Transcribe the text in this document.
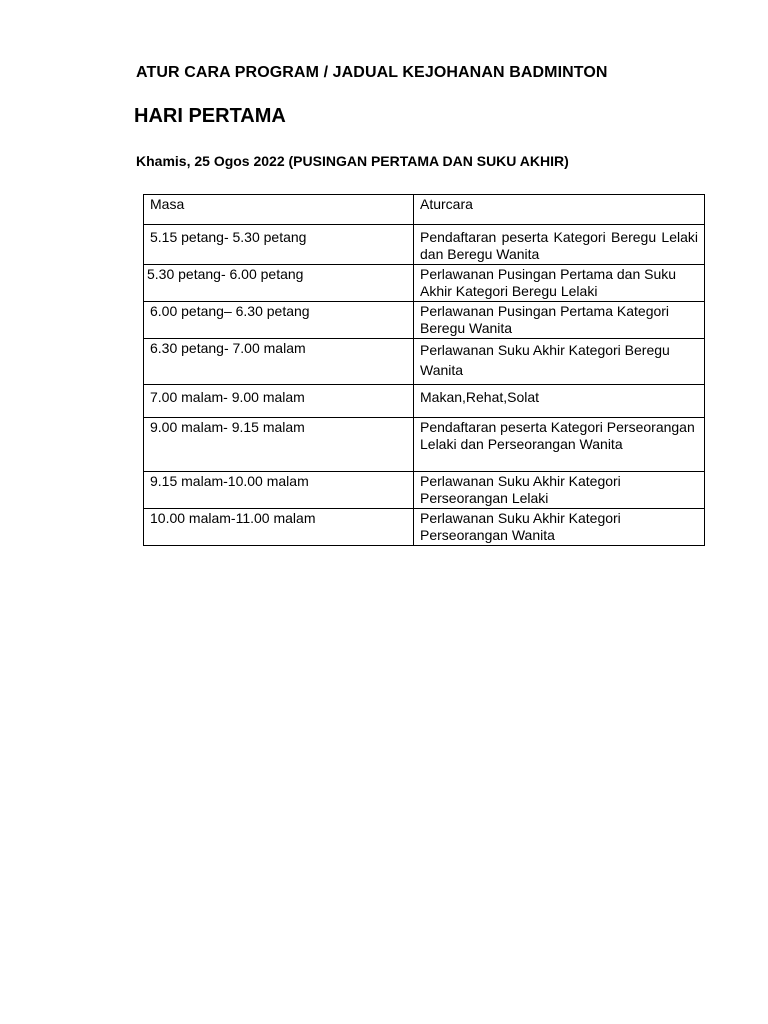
ATUR CARA PROGRAM / JADUAL KEJOHANAN BADMINTON
HARI PERTAMA
Khamis, 25 Ogos 2022 (PUSINGAN PERTAMA DAN SUKU AKHIR)
Masa	Aturcara
5.15 petang- 5.30 petang	Pendaftaran peserta Kategori Beregu Lelaki dan Beregu Wanita
5.30 petang- 6.00 petang	Perlawanan Pusingan Pertama dan Suku Akhir Kategori Beregu Lelaki
6.00 petang– 6.30 petang	Perlawanan Pusingan Pertama Kategori Beregu Wanita
6.30 petang- 7.00 malam	Perlawanan Suku Akhir Kategori Beregu Wanita
7.00 malam- 9.00 malam	Makan,Rehat,Solat
9.00 malam- 9.15 malam	Pendaftaran peserta Kategori Perseorangan Lelaki dan Perseorangan Wanita
9.15 malam-10.00 malam	Perlawanan Suku Akhir Kategori Perseorangan Lelaki
10.00 malam-11.00 malam	Perlawanan Suku Akhir Kategori Perseorangan Wanita
